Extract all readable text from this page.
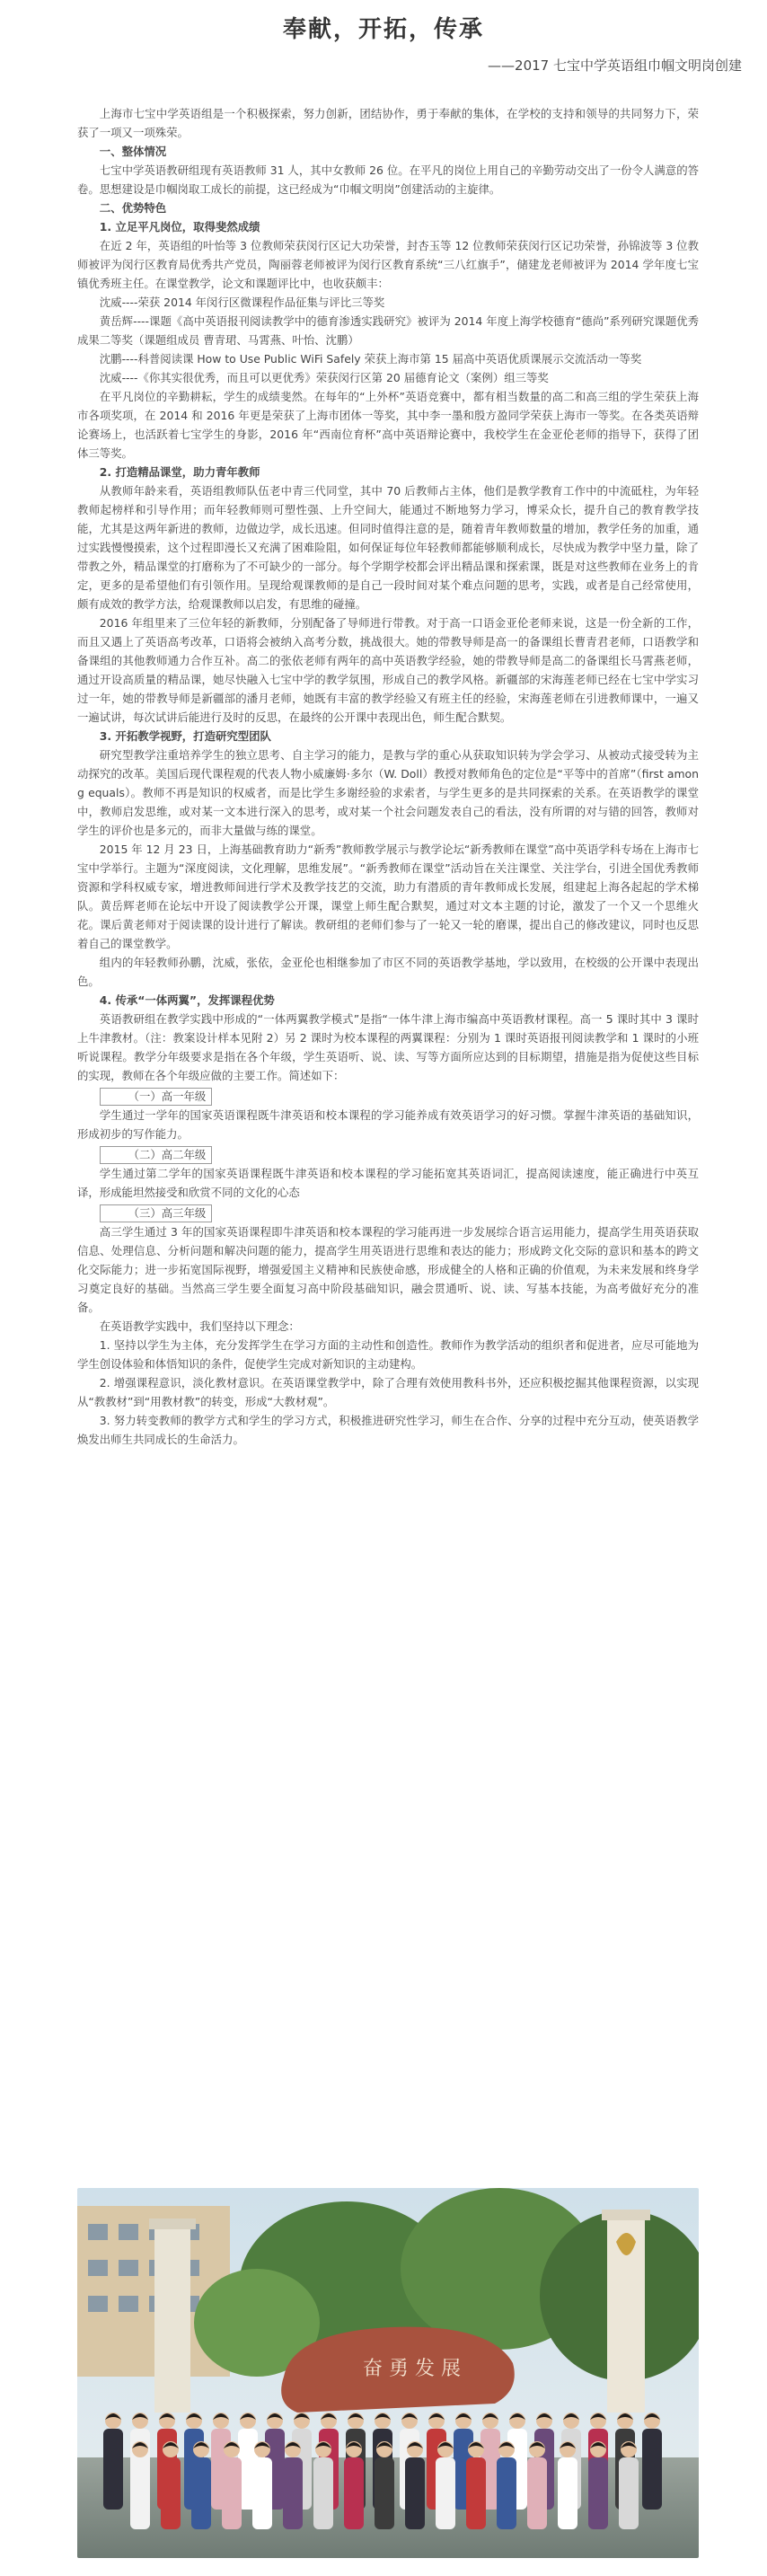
奉献，开拓，传承
——2017 七宝中学英语组巾帼文明岗创建

上海市七宝中学英语组是一个积极探索，努力创新，团结协作，勇于奉献的集体，在学校的支持和领导的共同努力下，荣获了一项又一项殊荣。

一、整体情况

七宝中学英语教研组现有英语教师 31 人，其中女教师 26 位。在平凡的岗位上用自己的辛勤劳动交出了一份令人满意的答卷。思想建设是巾帼岗取工成长的前提，这已经成为“巾帼文明岗”创建活动的主旋律。

二、优势特色

1. 立足平凡岗位，取得斐然成绩

在近 2 年，英语组的叶怡等 3 位教师荣获闵行区记大功荣誉，封杏玉等 12 位教师荣获闵行区记功荣誉，孙锦波等 3 位教师被评为闵行区教育局优秀共产党员，陶丽蓉老师被评为闵行区教育系统“三八红旗手”，储建龙老师被评为 2014 学年度七宝镇优秀班主任。在课堂教学，论文和课题评比中，也收获颇丰：

沈威----荣获 2014 年闵行区微课程作品征集与评比三等奖

黄岳辉----课题《高中英语报刊阅读教学中的德育渗透实践研究》被评为 2014 年度上海学校德育“德尚”系列研究课题优秀成果二等奖（课题组成员 曹青珺、马霄燕、叶怡、沈鹏）

沈鹏----科普阅读课 How to Use Public WiFi Safely 荣获上海市第 15 届高中英语优质课展示交流活动一等奖

沈威----《你其实很优秀，而且可以更优秀》荣获闵行区第 20 届德育论文（案例）组三等奖

在平凡岗位的辛勤耕耘，学生的成绩斐然。在每年的“上外杯”英语竞赛中，都有相当数量的高二和高三组的学生荣获上海市各项奖项，在 2014 和 2016 年更是荣获了上海市团体一等奖，其中李一墨和殷方盈同学荣获上海市一等奖。在各类英语辩论赛场上，也活跃着七宝学生的身影，2016 年“西南位育杯”高中英语辩论赛中，我校学生在金亚伦老师的指导下，获得了团体三等奖。

2. 打造精品课堂，助力青年教师

从教师年龄来看，英语组教师队伍老中青三代同堂，其中 70 后教师占主体，他们是教学教育工作中的中流砥柱，为年轻教师起榜样和引导作用；而年轻教师则可塑性强、上升空间大，能通过不断地努力学习，博采众长，提升自己的教育教学技能，尤其是这两年新进的教师，边做边学，成长迅速。但同时值得注意的是，随着青年教师数量的增加，教学任务的加重，通过实践慢慢摸索，这个过程即漫长又充满了困难险阻，如何保证每位年轻教师都能够顺利成长，尽快成为教学中坚力量，除了带教之外，精品课堂的打磨称为了不可缺少的一部分。每个学期学校都会评出精品课和探索课，既是对这些教师在业务上的肯定，更多的是希望他们有引领作用。呈现给观课教师的是自己一段时间对某个难点问题的思考，实践，或者是自己经常使用，颇有成效的教学方法，给观课教师以启发，有思维的碰撞。

2016 年组里来了三位年轻的新教师，分别配备了导师进行带教。对于高一口语金亚伦老师来说，这是一份全新的工作，而且又遇上了英语高考改革，口语将会被纳入高考分数，挑战很大。她的带教导师是高一的备课组长曹青君老师，口语教学和备课组的其他教师通力合作互补。高二的张依老师有两年的高中英语教学经验，她的带教导师是高二的备课组长马霄燕老师，通过开设高质量的精品课，她尽快融入七宝中学的教学氛围，形成自己的教学风格。新疆部的宋海莲老师已经在七宝中学实习过一年，她的带教导师是新疆部的潘月老师，她既有丰富的教学经验又有班主任的经验，宋海莲老师在引进教师课中，一遍又一遍试讲，每次试讲后能进行及时的反思，在最终的公开课中表现出色，师生配合默契。

3. 开拓教学视野，打造研究型团队

研究型教学注重培养学生的独立思考、自主学习的能力，是教与学的重心从获取知识转为学会学习、从被动式接受转为主动探究的改革。美国后现代课程观的代表人物小威廉姆·多尔（W. Doll）教授对教师角色的定位是“平等中的首席”（first among equals）。教师不再是知识的权威者，而是比学生多谢经验的求索者，与学生更多的是共同探索的关系。在英语教学的课堂中，教师启发思维，或对某一文本进行深入的思考，或对某一个社会问题发表自己的看法，没有所谓的对与错的回答，教师对学生的评价也是多元的，而非大量做与练的课堂。

2015 年 12 月 23 日，上海基础教育助力“新秀”教师教学展示与教学论坛“新秀教师在课堂”高中英语学科专场在上海市七宝中学举行。主题为“深度阅读，文化理解，思维发展”。“新秀教师在课堂”活动旨在关注课堂、关注学台，引进全国优秀教师资源和学科权威专家，增进教师间进行学术及教学技艺的交流，助力有潜质的青年教师成长发展，组建起上海各起起的学术梯队。黄岳辉老师在论坛中开设了阅读教学公开课，课堂上师生配合默契，通过对文本主题的讨论，激发了一个又一个思维火花。课后黄老师对于阅读课的设计进行了解读。教研组的老师们参与了一轮又一轮的磨课，提出自己的修改建议，同时也反思着自己的课堂教学。

组内的年轻教师孙鹏，沈威，张依，金亚伦也相继参加了市区不同的英语教学基地，学以致用，在校级的公开课中表现出色。

4. 传承“一体两翼”，发挥课程优势

英语教研组在教学实践中形成的“一体两翼教学模式”是指“一体牛津上海市编高中英语教材课程。高一 5 课时其中 3 课时上牛津教材。（注：教案设计样本见附 2）另 2 课时为校本课程的两翼课程：分别为 1 课时英语报刊阅读教学和 1 课时的小班听说课程。教学分年级要求是指在各个年级，学生英语听、说、读、写等方面所应达到的目标期望，措施是指为促使这些目标的实现，教师在各个年级应做的主要工作。简述如下：

（一）高一年级

学生通过一学年的国家英语课程既牛津英语和校本课程的学习能养成有效英语学习的好习惯。掌握牛津英语的基础知识，形成初步的写作能力。

（二）高二年级

学生通过第二学年的国家英语课程既牛津英语和校本课程的学习能拓宽其英语词汇，提高阅读速度，能正确进行中英互译，形成能坦然接受和欣赏不同的文化的心态

（三）高三年级

高三学生通过 3 年的国家英语课程即牛津英语和校本课程的学习能再进一步发展综合语言运用能力，提高学生用英语获取信息、处理信息、分析问题和解决问题的能力，提高学生用英语进行思维和表达的能力；形成跨文化交际的意识和基本的跨文化交际能力；进一步拓宽国际视野，增强爱国主义精神和民族使命感，形成健全的人格和正确的价值观，为未来发展和终身学习奠定良好的基础。当然高三学生要全面复习高中阶段基础知识，融会贯通听、说、读、写基本技能，为高考做好充分的准备。

在英语教学实践中，我们坚持以下理念：

1. 坚持以学生为主体，充分发挥学生在学习方面的主动性和创造性。教师作为教学活动的组织者和促进者，应尽可能地为学生创设体验和体悟知识的条件，促使学生完成对新知识的主动建构。

2. 增强课程意识，淡化教材意识。在英语课堂教学中，除了合理有效使用教科书外，还应积极挖掘其他课程资源，以实现从“教教材”到“用教材教”的转变，形成“大教材观”。

3. 努力转变教师的教学方式和学生的学习方式，积极推进研究性学习，师生在合作、分享的过程中充分互动，使英语教学焕发出师生共同成长的生命活力。

奋 勇 发 展
